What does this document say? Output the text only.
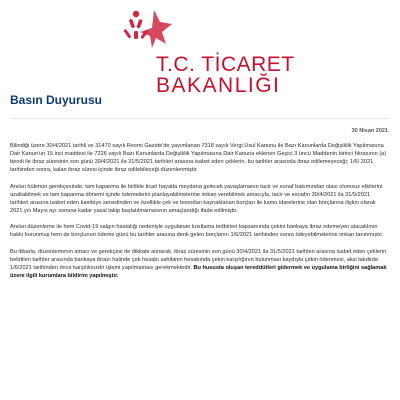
T.C. TİCARET
BAKANLIĞI
Basın Duyurusu
30 Nisan 2021

Bilindiği üzere 30/4/2021 tarihli ve 31470 sayılı Resmi Gazete'de yayımlanan 7318 sayılı Vergi Usul Kanunu ile Bazı Kanunlarda Değişiklik Yapılmasına Dair Kanun'un 15 inci maddesi ile 7226 sayılı Bazı Kanunlarda Değişiklik Yapılmasına Dair Kanuna eklenen Geçici 3 üncü Maddenin birinci fıkrasının (a) bendi ile ibraz süresinin son günü 30/4/2021 ila 31/5/2021 tarihleri arasına isabet eden çeklerin, bu tarihler arasında ibraz edilemeyeceği; 1/6/ 2021 tarihinden sonra, kalan ibraz süresi içinde ibraz edilebileceği düzenlenmiştir.

Anılan hükmün gerekçesinde; tam kapanma ile birlikte ticari hayatta meydana gelecek yavaşlamanın tacir ve esnaf bakımından olası olumsuz etkilerini azaltabilmek ve tam kapanma dönemi içinde ödemelerini planlayabilmelerine imkan verebilmek amacıyla, tacir ve esnafın 30/4/2021 ila 31/5/2021 tarihleri arasına isabet eden kambiyo senedinden ve özellikle çek ve bonodan kaynaklanan borçları ile kamu idarelerine olan borçlarına ilişkin olarak 2021 yılı Mayıs ayı sonuna kadar yasal takip başlatılmamasının amaçlandığı ifade edilmiştir.

Anılan düzenleme ile hem Covid-19 salgın hastalığı nedeniyle uygulanan kısıtlama tedbirleri kapsamında çekini bankaya ibraz edemeyen alacaklının hakkı korunmuş hem de borçlunun ödeme günü bu tarihler arasına denk gelen borçlarını 1/6/2021 tarihinden sonra ödeyebilmelerine imkan tanınmıştır.

Bu itibarla, düzenlemenin amacı ve gerekçesi de dikkate alınarak, ibraz süresinin son günü 30/4/2021 ila 31/5/2021 tarihleri arasına isabet eden çeklerin belirtilen tarihler arasında bankaya ibrazı halinde çek hesabı sahibinin hesabında çekin karşılığının bulunması kaydıyla çekin ödenmesi, aksi takdirde 1/6/2021 tarihinden önce karşılıksızdır işlemi yapılmaması gerekmektedir. Bu hususta oluşan tereddütleri gidermek ve uygulama birliğini sağlamak üzere ilgili kurumlara bildirim yapılmıştır.
